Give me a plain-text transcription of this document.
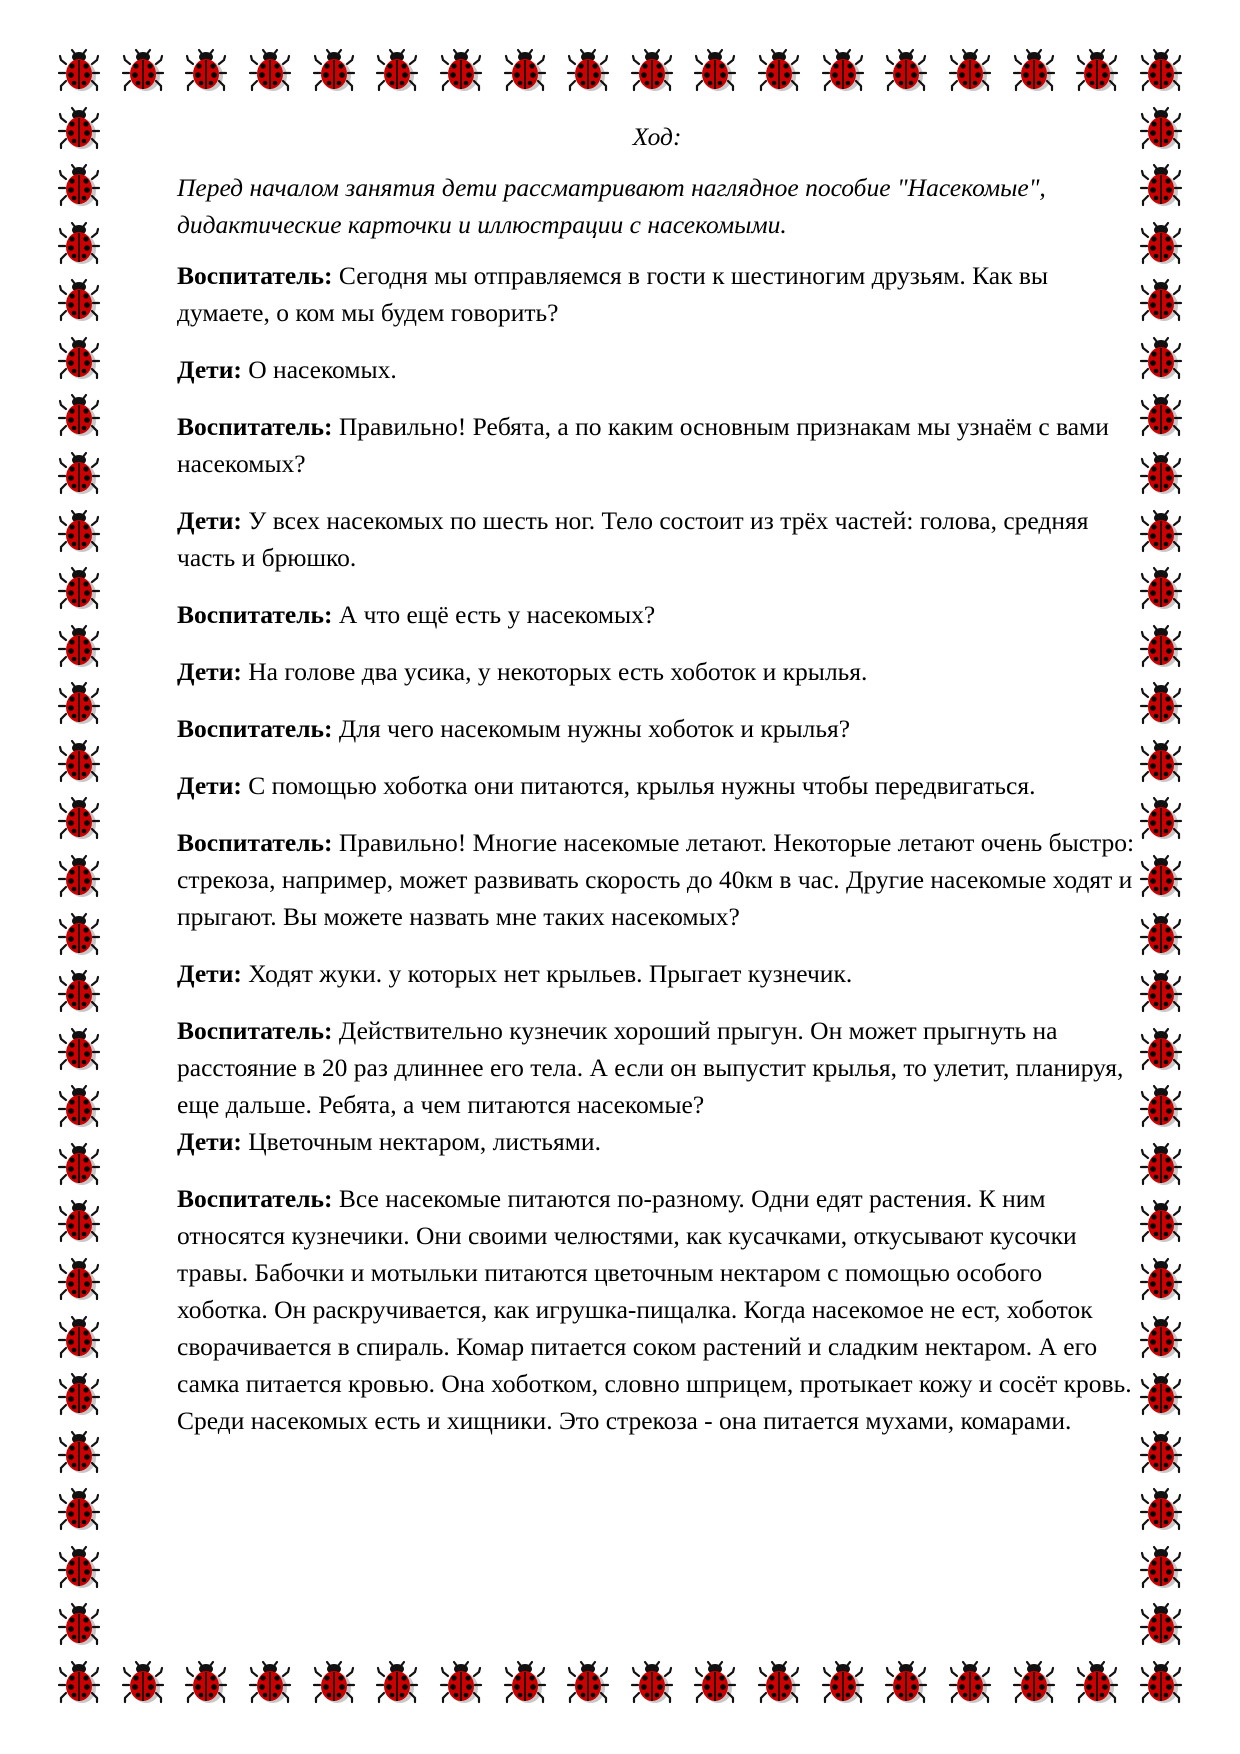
Ход:

Перед началом занятия дети рассматривают наглядное пособие "Насекомые", дидактические карточки и иллюстрации с насекомыми.

Воспитатель: Сегодня мы отправляемся в гости к шестиногим друзьям. Как вы думаете, о ком мы будем говорить?

Дети: О насекомых.

Воспитатель: Правильно! Ребята, а по каким основным признакам мы узнаём с вами насекомых?

Дети: У всех насекомых по шесть ног. Тело состоит из трёх частей: голова, средняя часть и брюшко.

Воспитатель: А что ещё есть у насекомых?

Дети: На голове два усика, у некоторых есть хоботок и крылья.

Воспитатель: Для чего насекомым нужны хоботок и крылья?

Дети: С помощью хоботка они питаются, крылья нужны чтобы передвигаться.

Воспитатель: Правильно! Многие насекомые летают. Некоторые летают очень быстро: стрекоза, например, может развивать скорость до 40км в час. Другие насекомые ходят и прыгают. Вы можете назвать мне таких насекомых?

Дети: Ходят жуки. у которых нет крыльев. Прыгает кузнечик.

Воспитатель: Действительно кузнечик хороший прыгун. Он может прыгнуть на расстояние в 20 раз длиннее его тела. А если он выпустит крылья, то улетит, планируя, еще дальше. Ребята, а чем питаются насекомые?

Дети: Цветочным нектаром, листьями.

Воспитатель: Все насекомые питаются по-разному. Одни едят растения. К ним относятся кузнечики. Они своими челюстями, как кусачками, откусывают кусочки травы. Бабочки и мотыльки питаются цветочным нектаром с помощью особого хоботка. Он раскручивается, как игрушка-пищалка. Когда насекомое не ест, хоботок сворачивается в спираль. Комар питается соком растений и сладким нектаром. А его самка питается кровью. Она хоботком, словно шприцем, протыкает кожу и сосёт кровь. Среди насекомых есть и хищники. Это стрекоза - она питается мухами, комарами.
